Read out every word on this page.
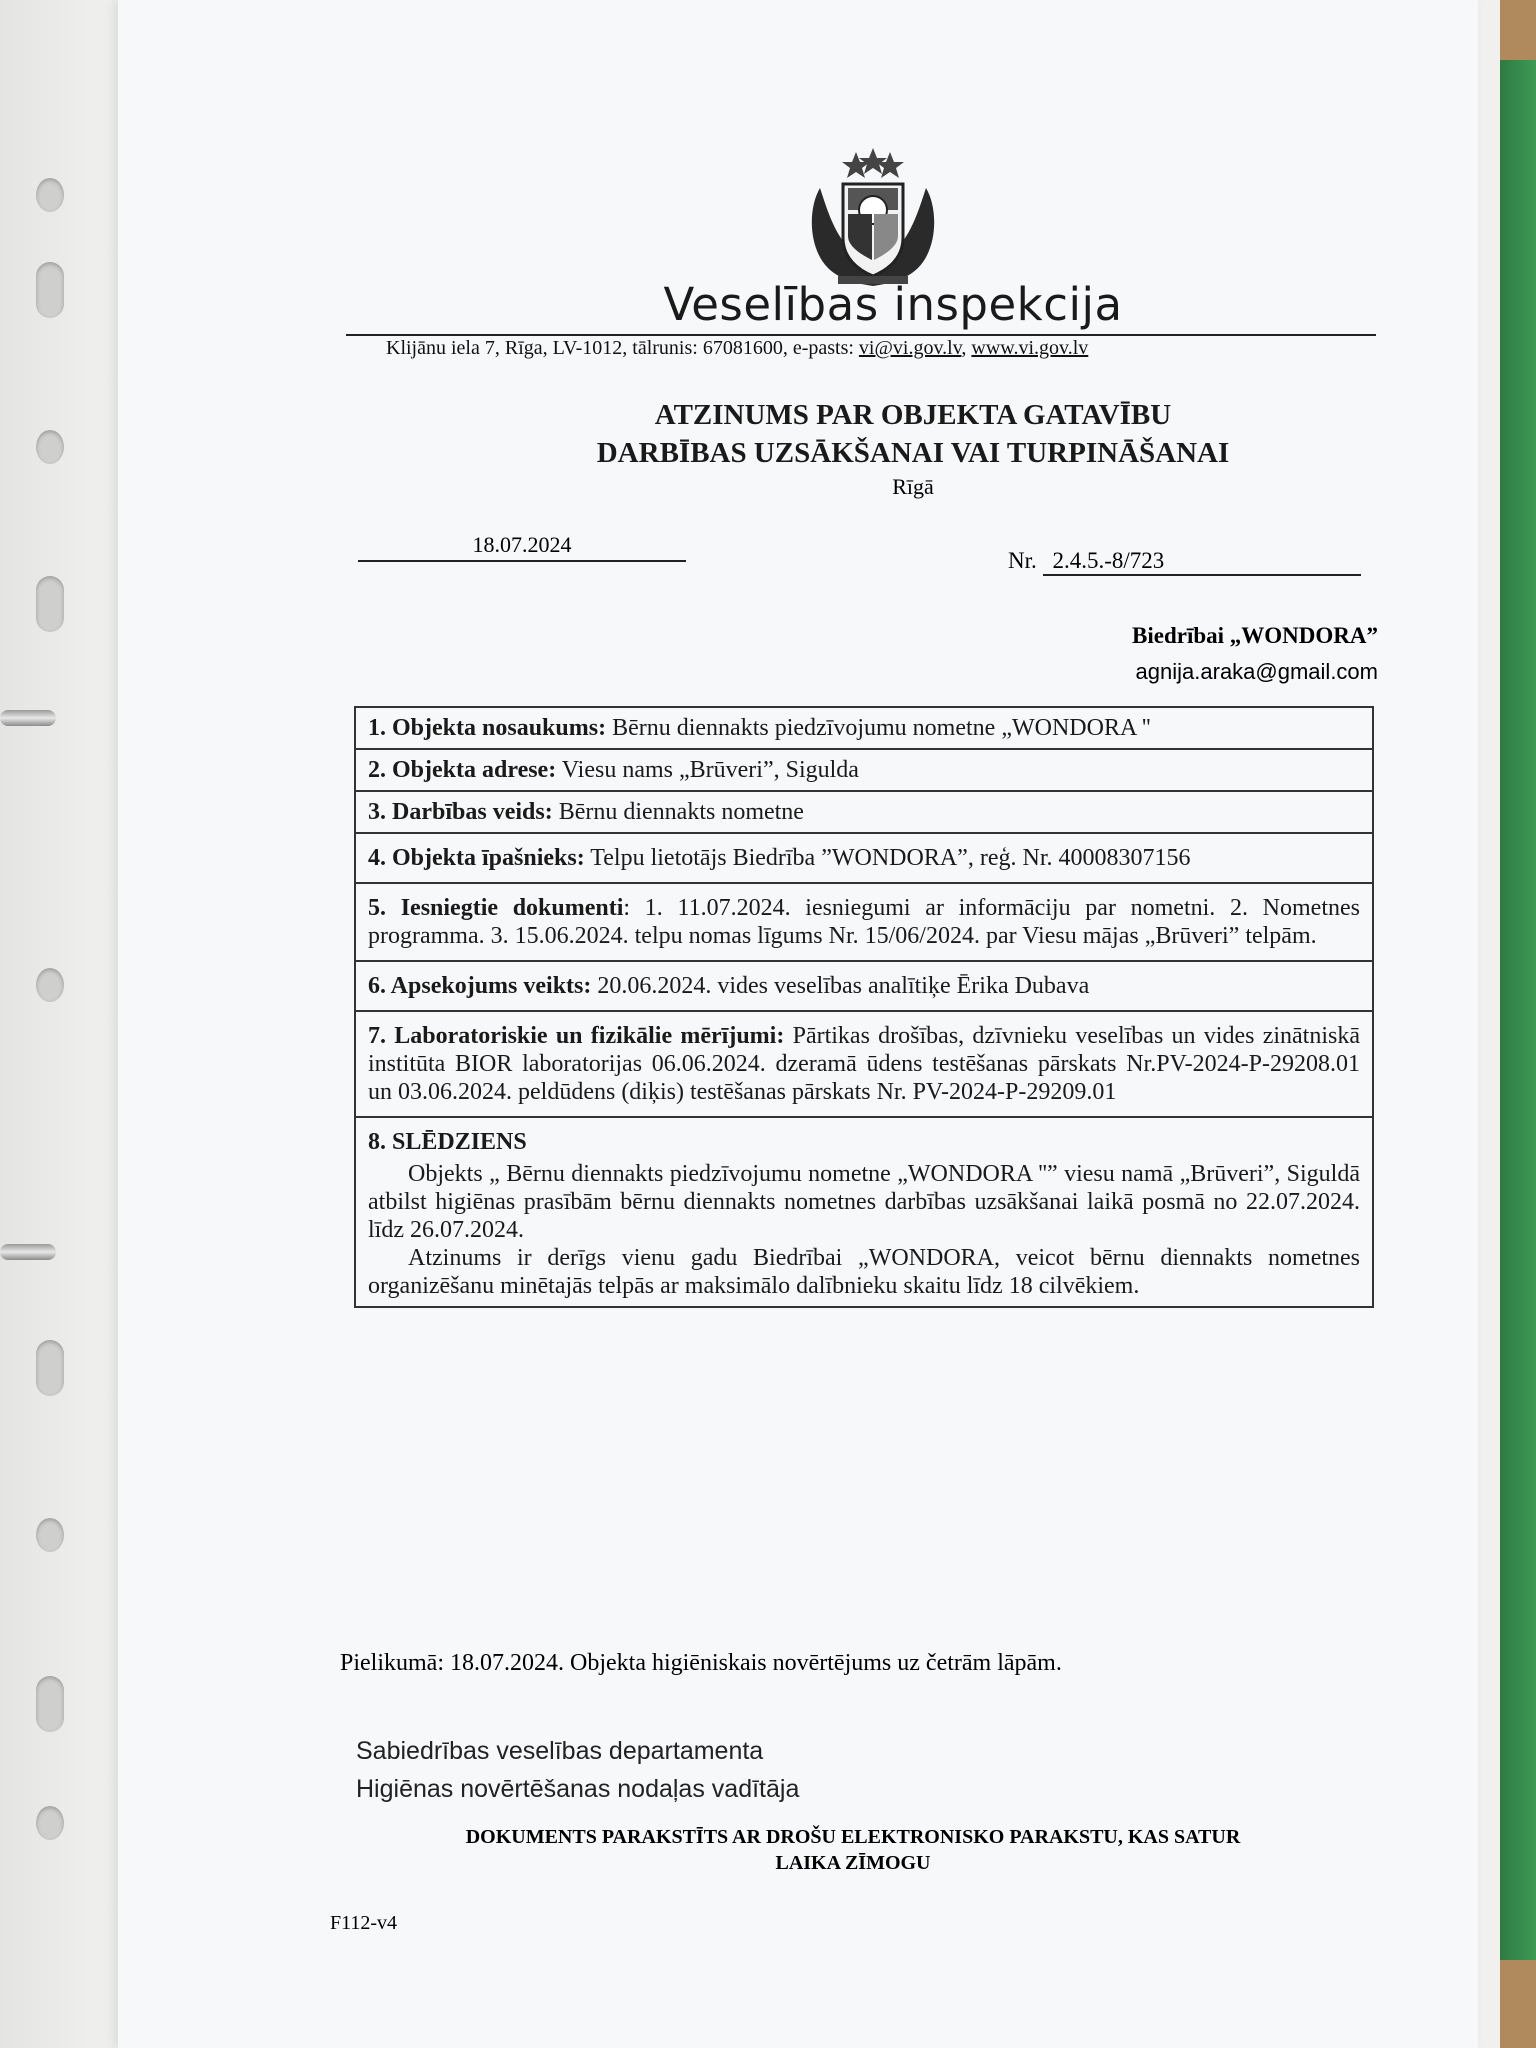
Veselības inspekcija
Klijānu iela 7, Rīga, LV-1012, tālrunis: 67081600, e-pasts: vi@vi.gov.lv, www.vi.gov.lv
ATZINUMS PAR OBJEKTA GATAVĪBU
DARBĪBAS UZSĀKŠANAI VAI TURPINĀŠANAI
Rīgā
18.07.2024
Nr. 2.4.5.-8/723
Biedrībai „WONDORA”
agnija.araka@gmail.com
1. Objekta nosaukums: Bērnu diennakts piedzīvojumu nometne „WONDORA ''
2. Objekta adrese: Viesu nams „Brūveri”, Sigulda
3. Darbības veids: Bērnu diennakts nometne
4. Objekta īpašnieks: Telpu lietotājs Biedrība ”WONDORA”, reģ. Nr. 40008307156
5. Iesniegtie dokumenti: 1. 11.07.2024. iesniegumi ar informāciju par nometni. 2. Nometnes programma. 3. 15.06.2024. telpu nomas līgums Nr. 15/06/2024. par Viesu mājas „Brūveri” telpām.
6. Apsekojums veikts: 20.06.2024. vides veselības analītiķe Ērika Dubava
7. Laboratoriskie un fizikālie mērījumi: Pārtikas drošības, dzīvnieku veselības un vides zinātniskā institūta BIOR laboratorijas 06.06.2024. dzeramā ūdens testēšanas pārskats Nr.PV-2024-P-29208.01 un 03.06.2024. peldūdens (diķis) testēšanas pārskats Nr. PV-2024-P-29209.01
8. SLĒDZIENS

Objekts „ Bērnu diennakts piedzīvojumu nometne „WONDORA ''” viesu namā „Brūveri”, Siguldā atbilst higiēnas prasībām bērnu diennakts nometnes darbības uzsākšanai laikā posmā no 22.07.2024. līdz 26.07.2024.

Atzinums ir derīgs vienu gadu Biedrībai „WONDORA, veicot bērnu diennakts nometnes organizēšanu minētajās telpās ar maksimālo dalībnieku skaitu līdz 18 cilvēkiem.

Pielikumā: 18.07.2024. Objekta higiēniskais novērtējums uz četrām lāpām.
Sabiedrības veselības departamenta
Higiēnas novērtēšanas nodaļas vadītāja
DOKUMENTS PARAKSTĪTS AR DROŠU ELEKTRONISKO PARAKSTU, KAS SATUR
LAIKA ZĪMOGU
F112-v4
